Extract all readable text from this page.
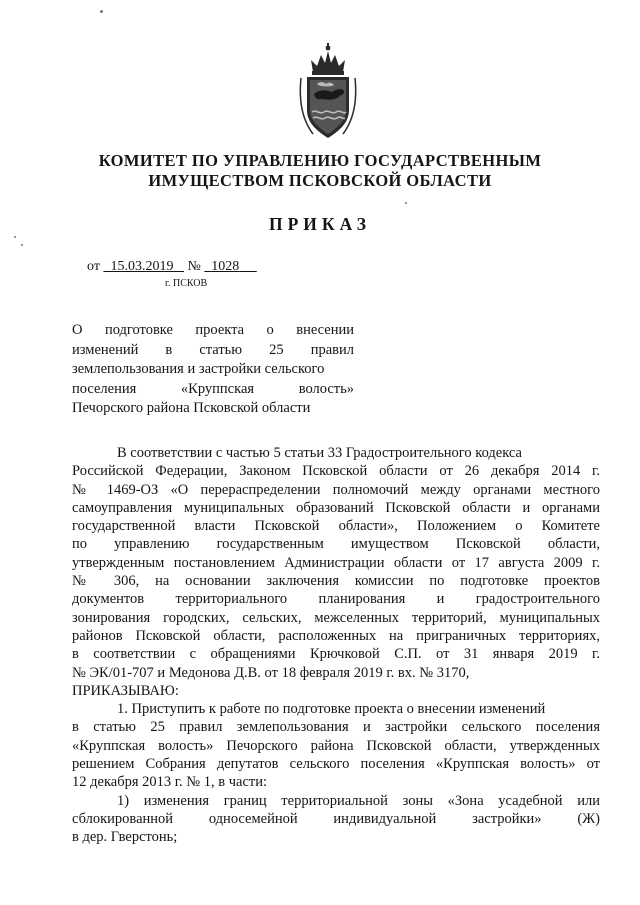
КОМИТЕТ ПО УПРАВЛЕНИЮ ГОСУДАРСТВЕННЫМ
ИМУЩЕСТВОМ ПСКОВСКОЙ ОБЛАСТИ
ПРИКАЗ
от 15.03.2019 № 1028
г. ПСКОВ
О подготовке проекта о внесении
изменений в статью 25 правил
землепользования и застройки сельского
поселения «Круппская волость»
Печорского района Псковской области
В соответствии с частью 5 статьи 33 Градостроительного кодекса
Российской Федерации, Законом Псковской области от 26 декабря 2014 г.
№ 1469-ОЗ «О перераспределении полномочий между органами местного
самоуправления муниципальных образований Псковской области и органами
государственной власти Псковской области», Положением о Комитете
по управлению государственным имуществом Псковской области,
утвержденным постановлением Администрации области от 17 августа 2009 г.
№ 306, на основании заключения комиссии по подготовке проектов
документов территориального планирования и градостроительного
зонирования городских, сельских, межселенных территорий, муниципальных
районов Псковской области, расположенных на приграничных территориях,
в соответствии с обращениями Крючковой С.П. от 31 января 2019 г.
№ ЭК/01-707 и Медонова Д.В. от 18 февраля 2019 г. вх. № 3170,
ПРИКАЗЫВАЮ:
1. Приступить к работе по подготовке проекта о внесении изменений
в статью 25 правил землепользования и застройки сельского поселения
«Круппская волость» Печорского района Псковской области, утвержденных
решением Собрания депутатов сельского поселения «Круппская волость» от
12 декабря 2013 г. № 1, в части:
1) изменения границ территориальной зоны «Зона усадебной или
сблокированной односемейной индивидуальной застройки» (Ж)
в дер. Гверстонь;
